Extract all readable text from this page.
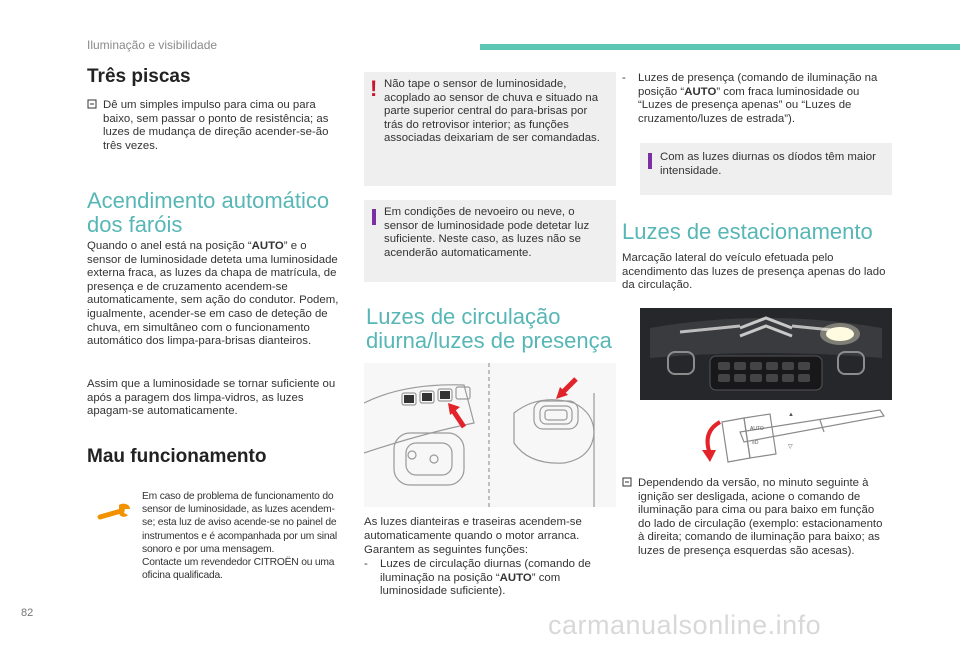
Iluminação e visibilidade
Três piscas
Dê um simples impulso para cima ou para baixo, sem passar o ponto de resistência; as luzes de mudança de direção acender-se-ão três vezes.
Acendimento automático
dos faróis
Quando o anel está na posição “AUTO” e o sensor de luminosidade deteta uma luminosidade externa fraca, as luzes da chapa de matrícula, de presença e de cruzamento acendem-se automaticamente, sem ação do condutor. Podem, igualmente, acender-se em caso de deteção de chuva, em simultâneo com o funcionamento automático dos limpa-para-brisas dianteiros.
Assim que a luminosidade se tornar suficiente ou após a paragem dos limpa-vidros, as luzes apagam-se automaticamente.
Mau funcionamento
Em caso de problema de funcionamento do sensor de luminosidade, as luzes acendem-se; esta luz de aviso acende-se no painel de instrumentos e é acompanhada por um sinal sonoro e por uma mensagem.
Contacte um revendedor CITROËN ou uma oficina qualificada.
! Não tape o sensor de luminosidade, acoplado ao sensor de chuva e situado na parte superior central do para-brisas por trás do retrovisor interior; as funções associadas deixariam de ser comandadas.
Em condições de nevoeiro ou neve, o sensor de luminosidade pode detetar luz suficiente. Neste caso, as luzes não se acenderão automaticamente.
Luzes de circulação
diurna/luzes de presença
As luzes dianteiras e traseiras acendem-se automaticamente quando o motor arranca.
Garantem as seguintes funções:
-	Luzes de circulação diurnas (comando de iluminação na posição “AUTO” com luminosidade suficiente).
-	Luzes de presença (comando de iluminação na posição “AUTO” com fraca luminosidade ou “Luzes de presença apenas” ou “Luzes de cruzamento/luzes de estrada”).
Com as luzes diurnas os díodos têm maior intensidade.
Luzes de estacionamento
Marcação lateral do veículo efetuada pelo acendimento das luzes de presença apenas do lado da circulação.
AUTO
≡D
▲
▽
Dependendo da versão, no minuto seguinte à ignição ser desligada, acione o comando de iluminação para cima ou para baixo em função do lado de circulação (exemplo: estacionamento à direita; comando de iluminação para baixo; as luzes de presença esquerdas são acesas).
82	carmanualsonline.info
